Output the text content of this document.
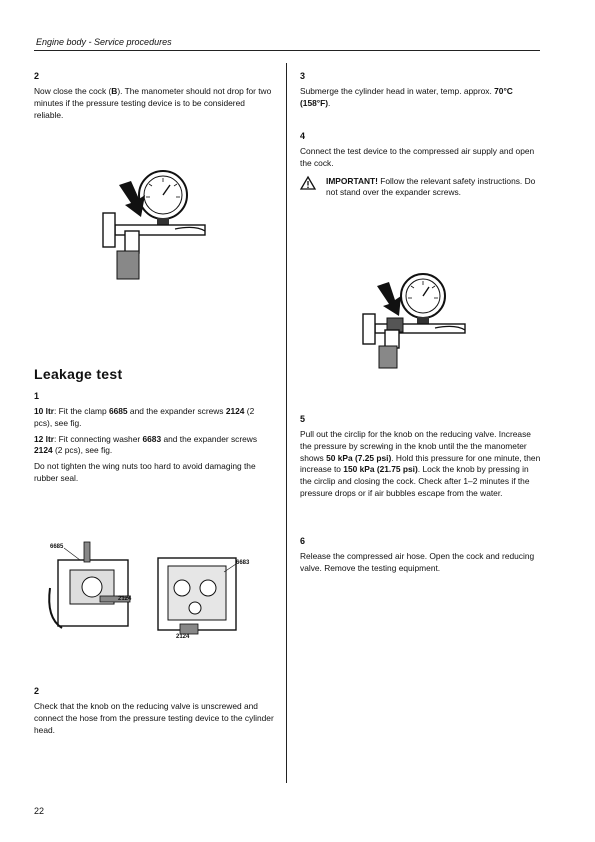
Engine body - Service procedures
2

Now close the cock (B). The manometer should not drop for two minutes if the pressure testing device is to be considered reliable.

Leakage test
1

10 ltr: Fit the clamp 6685 and the expander screws 2124 (2 pcs), see fig.

12 ltr: Fit connecting washer 6683 and the expander screws 2124 (2 pcs), see fig.

Do not tighten the wing nuts too hard to avoid damaging the rubber seal.

6685
2124
6683
2124
2

Check that the knob on the reducing valve is unscrewed and connect the hose from the pressure testing device to the cylinder head.

3

Submerge the cylinder head in water, temp. approx. 70°C (158°F).

4

Connect the test device to the compressed air supply and open the cock.

IMPORTANT! Follow the relevant safety instructions. Do not stand over the expander screws.

5

Pull out the circlip for the knob on the reducing valve. Increase the pressure by screwing in the knob until the the manometer shows 50 kPa (7.25 psi). Hold this pressure for one minute, then increase to 150 kPa (21.75 psi). Lock the knob by pressing in the circlip and closing the cock. Check after 1–2 minutes if the pressure drops or if air bubbles escape from the water.

6

Release the compressed air hose. Open the cock and reducing valve. Remove the testing equipment.

22
